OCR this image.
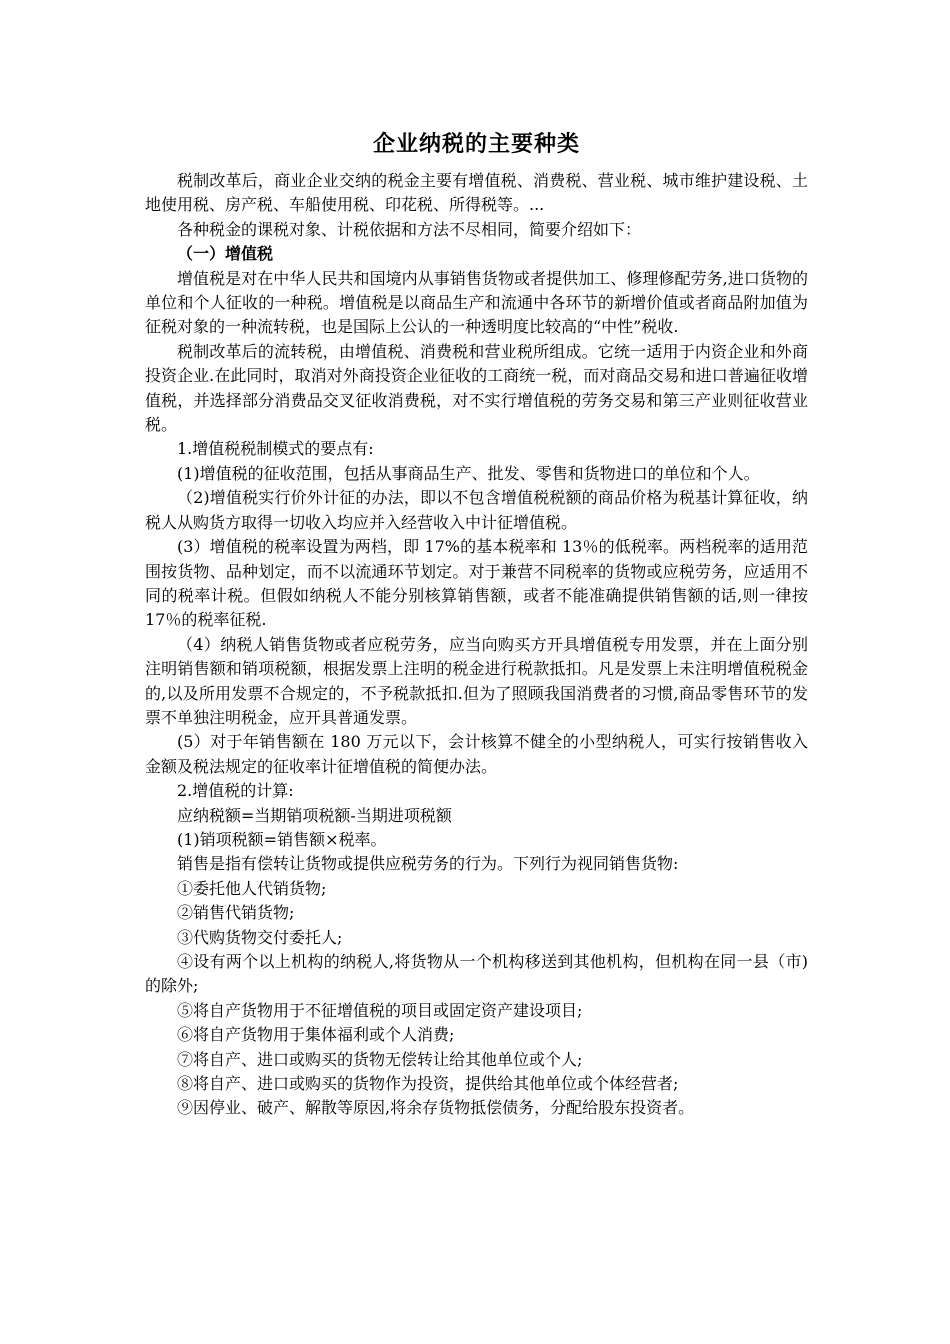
企业纳税的主要种类

税制改革后，商业企业交纳的税金主要有增值税、消费税、营业税、城市维护建设税、土地使用税、房产税、车船使用税、印花税、所得税等。...

各种税金的课税对象、计税依据和方法不尽相同，简要介绍如下：

（一）增值税

增值税是对在中华人民共和国境内从事销售货物或者提供加工、修理修配劳务,进口货物的单位和个人征收的一种税。增值税是以商品生产和流通中各环节的新增价值或者商品附加值为征税对象的一种流转税，也是国际上公认的一种透明度比较高的“中性”税收.

税制改革后的流转税，由增值税、消费税和营业税所组成。它统一适用于内资企业和外商投资企业.在此同时，取消对外商投资企业征收的工商统一税，而对商品交易和进口普遍征收增值税，并选择部分消费品交叉征收消费税，对不实行增值税的劳务交易和第三产业则征收营业税。

1.增值税税制模式的要点有:

(1)增值税的征收范围，包括从事商品生产、批发、零售和货物进口的单位和个人。

（2)增值税实行价外计征的办法，即以不包含增值税税额的商品价格为税基计算征收，纳税人从购货方取得一切收入均应并入经营收入中计征增值税。

(3）增值税的税率设置为两档，即 17%的基本税率和 13％的低税率。两档税率的适用范围按货物、品种划定，而不以流通环节划定。对于兼营不同税率的货物或应税劳务，应适用不同的税率计税。但假如纳税人不能分别核算销售额，或者不能准确提供销售额的话,则一律按 17％的税率征税.

（4）纳税人销售货物或者应税劳务，应当向购买方开具增值税专用发票，并在上面分别注明销售额和销项税额，根据发票上注明的税金进行税款抵扣。凡是发票上未注明增值税税金的,以及所用发票不合规定的，不予税款抵扣.但为了照顾我国消费者的习惯,商品零售环节的发票不单独注明税金，应开具普通发票。

(5）对于年销售额在 180 万元以下，会计核算不健全的小型纳税人，可实行按销售收入金额及税法规定的征收率计征增值税的简便办法。

2.增值税的计算:

应纳税额=当期销项税额-当期进项税额

(1)销项税额=销售额×税率。

销售是指有偿转让货物或提供应税劳务的行为。下列行为视同销售货物:

①委托他人代销货物;

②销售代销货物;

③代购货物交付委托人;

④设有两个以上机构的纳税人,将货物从一个机构移送到其他机构，但机构在同一县（市)的除外;

⑤将自产货物用于不征增值税的项目或固定资产建设项目;

⑥将自产货物用于集体福利或个人消费;

⑦将自产、进口或购买的货物无偿转让给其他单位或个人;

⑧将自产、进口或购买的货物作为投资，提供给其他单位或个体经营者;

⑨因停业、破产、解散等原因,将余存货物抵偿债务，分配给股东投资者。
